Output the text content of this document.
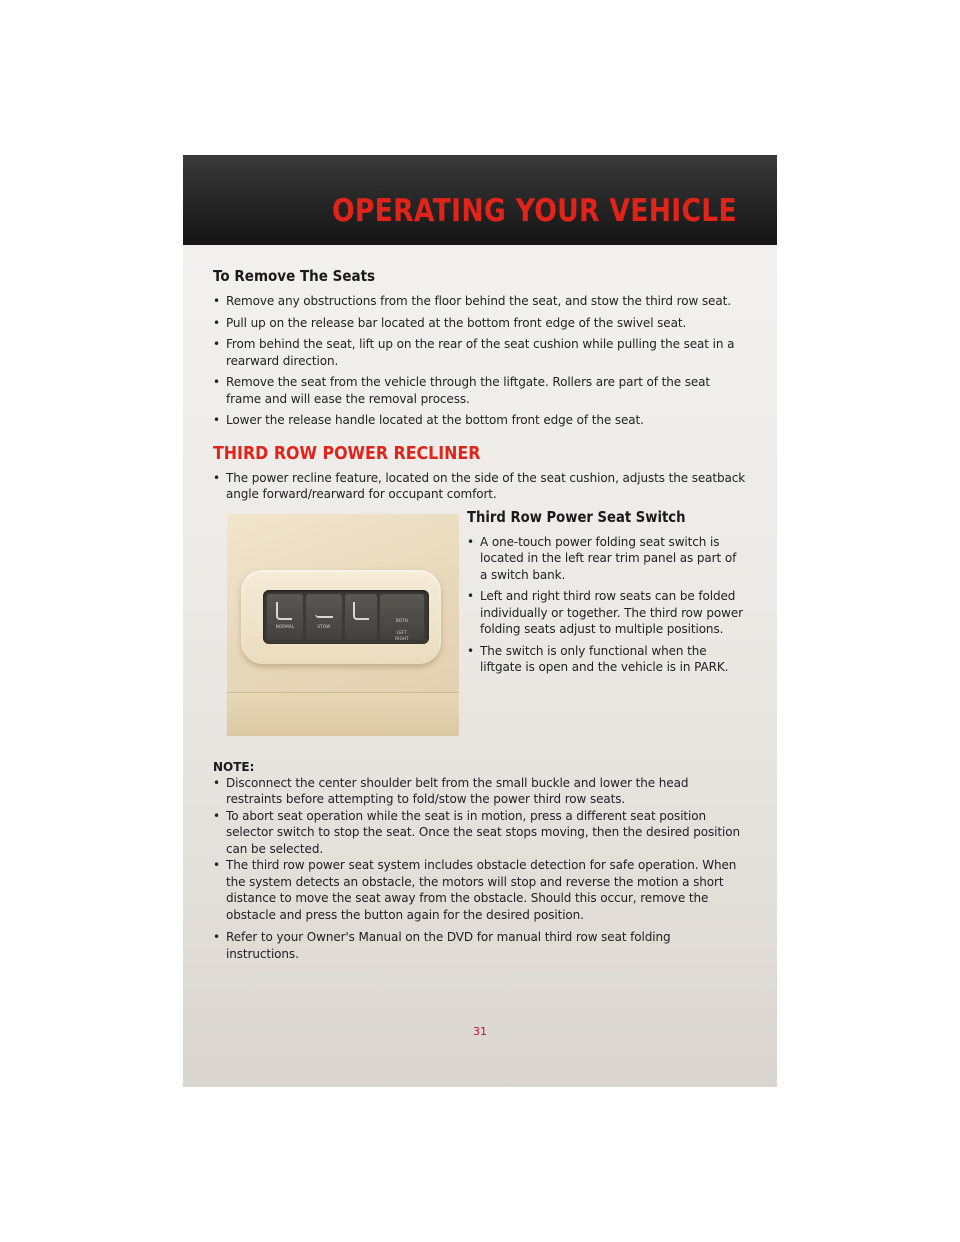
OPERATING YOUR VEHICLE
To Remove The Seats
• Remove any obstructions from the floor behind the seat, and stow the third row seat.
• Pull up on the release bar located at the bottom front edge of the swivel seat.
• From behind the seat, lift up on the rear of the seat cushion while pulling the seat in a rearward direction.
• Remove the seat from the vehicle through the liftgate. Rollers are part of the seat frame and will ease the removal process.
• Lower the release handle located at the bottom front edge of the seat.
THIRD ROW POWER RECLINER
• The power recline feature, located on the side of the seat cushion, adjusts the seatback angle forward/rearward for occupant comfort.
NORMAL	STOW
RIGHT
BOTH
LEFT
Third Row Power Seat Switch
• A one-touch power folding seat switch is located in the left rear trim panel as part of a switch bank.
• Left and right third row seats can be folded individually or together. The third row power folding seats adjust to multiple positions.
• The switch is only functional when the liftgate is open and the vehicle is in PARK.
NOTE:
• Disconnect the center shoulder belt from the small buckle and lower the head restraints before attempting to fold/stow the power third row seats.
• To abort seat operation while the seat is in motion, press a different seat position selector switch to stop the seat. Once the seat stops moving, then the desired position can be selected.
• The third row power seat system includes obstacle detection for safe operation. When the system detects an obstacle, the motors will stop and reverse the motion a short distance to move the seat away from the obstacle. Should this occur, remove the obstacle and press the button again for the desired position.
• Refer to your Owner's Manual on the DVD for manual third row seat folding instructions.
31
